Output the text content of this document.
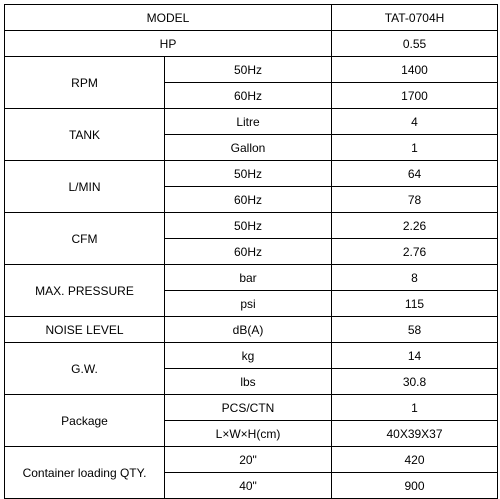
MODEL		TAT-0704H
HP		0.55
RPM	50Hz	1400
	60Hz	1700
TANK	Litre	4
	Gallon	1
L/MIN	50Hz	64
	60Hz	78
CFM	50Hz	2.26
	60Hz	2.76
MAX. PRESSURE	bar	8
	psi	115
NOISE LEVEL	dB(A)	58
G.W.	kg	14
	lbs	30.8
Package	PCS/CTN	1
	L×W×H(cm)	40X39X37
Container loading QTY.	20"	420
	40"	900
